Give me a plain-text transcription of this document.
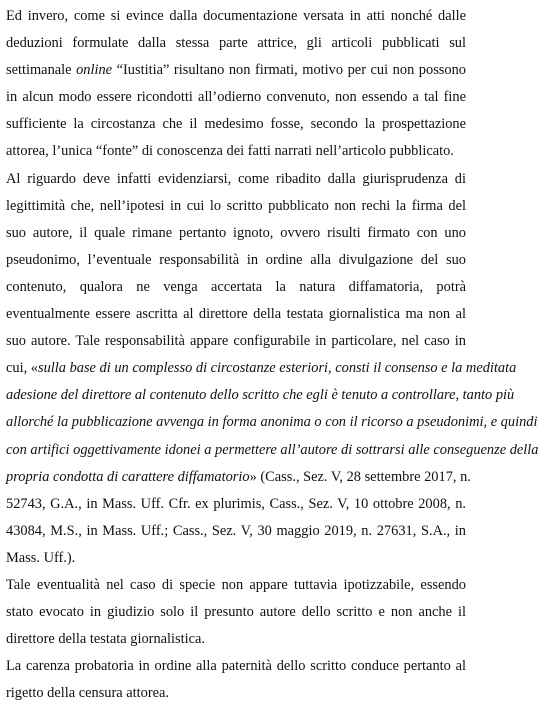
Ed invero, come si evince dalla documentazione versata in atti nonché dalle
deduzioni formulate dalla stessa parte attrice, gli articoli pubblicati sul
settimanale online “Iustitia” risultano non firmati, motivo per cui non possono
in alcun modo essere ricondotti all’odierno convenuto, non essendo a tal fine
sufficiente la circostanza che il medesimo fosse, secondo la prospettazione
attorea, l’unica “fonte” di conoscenza dei fatti narrati nell’articolo pubblicato.
Al riguardo deve infatti evidenziarsi, come ribadito dalla giurisprudenza di
legittimità che, nell’ipotesi in cui lo scritto pubblicato non rechi la firma del
suo autore, il quale rimane pertanto ignoto, ovvero risulti firmato con uno
pseudonimo, l’eventuale responsabilità in ordine alla divulgazione del suo
contenuto, qualora ne venga accertata la natura diffamatoria, potrà
eventualmente essere ascritta al direttore della testata giornalistica ma non al
suo autore. Tale responsabilità appare configurabile in particolare, nel caso in
cui, «sulla base di un complesso di circostanze esteriori, consti il consenso e la meditata
adesione del direttore al contenuto dello scritto che egli è tenuto a controllare, tanto più
allorché la pubblicazione avvenga in forma anonima o con il ricorso a pseudonimi, e quindi
con artifici oggettivamente idonei a permettere all’autore di sottrarsi alle conseguenze della
propria condotta di carattere diffamatorio» (Cass., Sez. V, 28 settembre 2017, n.
52743, G.A., in Mass. Uff. Cfr. ex plurimis, Cass., Sez. V, 10 ottobre 2008, n.
43084, M.S., in Mass. Uff.; Cass., Sez. V, 30 maggio 2019, n. 27631, S.A., in
Mass. Uff.).
Tale eventualità nel caso di specie non appare tuttavia ipotizzabile, essendo
stato evocato in giudizio solo il presunto autore dello scritto e non anche il
direttore della testata giornalistica.
La carenza probatoria in ordine alla paternità dello scritto conduce pertanto al
rigetto della censura attorea.
